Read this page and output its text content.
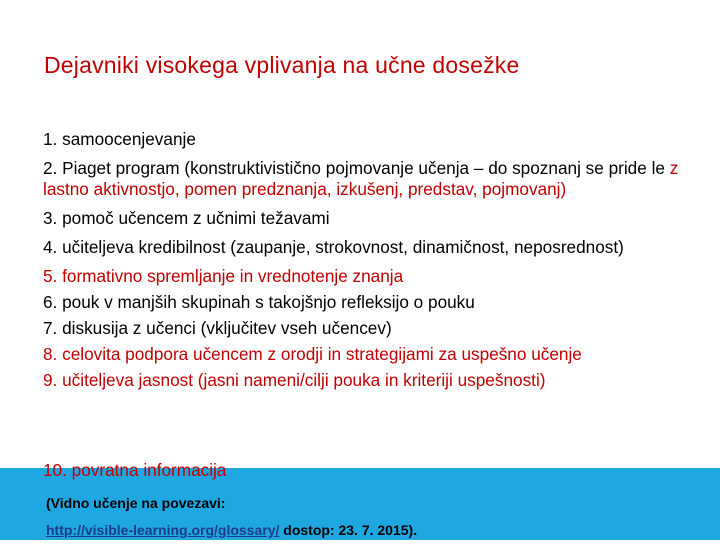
Dejavniki visokega vplivanja na učne dosežke
1. samoocenjevanje
2. Piaget program (konstruktivistično pojmovanje učenja – do spoznanj se pride le z lastno aktivnostjo, pomen predznanja, izkušenj, predstav, pojmovanj)
3. pomoč učencem z učnimi težavami
4. učiteljeva kredibilnost (zaupanje, strokovnost, dinamičnost, neposrednost)
5. formativno spremljanje in vrednotenje znanja
6. pouk v manjših skupinah s takojšnjo refleksijo o pouku
7. diskusija z učenci (vključitev vseh učencev)
8. celovita podpora učencem z orodji in strategijami za uspešno učenje
9. učiteljeva jasnost (jasni nameni/cilji pouka in kriteriji uspešnosti)
10. povratna informacija
(Vidno učenje na povezavi:
http://visible-learning.org/glossary/ dostop: 23. 7. 2015).
